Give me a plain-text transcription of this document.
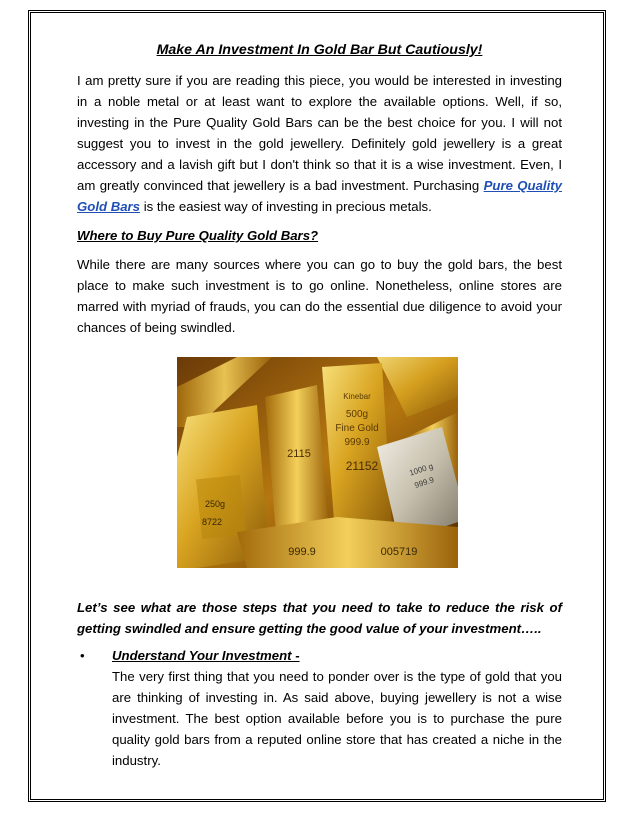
Make An Investment In Gold Bar But Cautiously!

I am pretty sure if you are reading this piece, you would be interested in investing in a noble metal or at least want to explore the available options. Well, if so, investing in the Pure Quality Gold Bars can be the best choice for you. I will not suggest you to invest in the gold jewellery. Definitely gold jewellery is a great accessory and a lavish gift but I don't think so that it is a wise investment. Even, I am greatly convinced that jewellery is a bad investment. Purchasing Pure Quality Gold Bars is the easiest way of investing in precious metals.

Where to Buy Pure Quality Gold Bars?

While there are many sources where you can go to buy the gold bars, the best place to make such investment is to go online. Nonetheless, online stores are marred with myriad of frauds, you can do the essential due diligence to avoid your chances of being swindled.

500g
Fine Gold
999.9
21152
2115
1000 g
999.9
005719
999.9
8722
250g
Kinebar

Let’s see what are those steps that you need to take to reduce the risk of getting swindled and ensure getting the good value of your investment…..

•	Understand Your Investment -

The very first thing that you need to ponder over is the type of gold that you are thinking of investing in. As said above, buying jewellery is not a wise investment. The best option available before you is to purchase the pure quality gold bars from a reputed online store that has created a niche in the industry.
